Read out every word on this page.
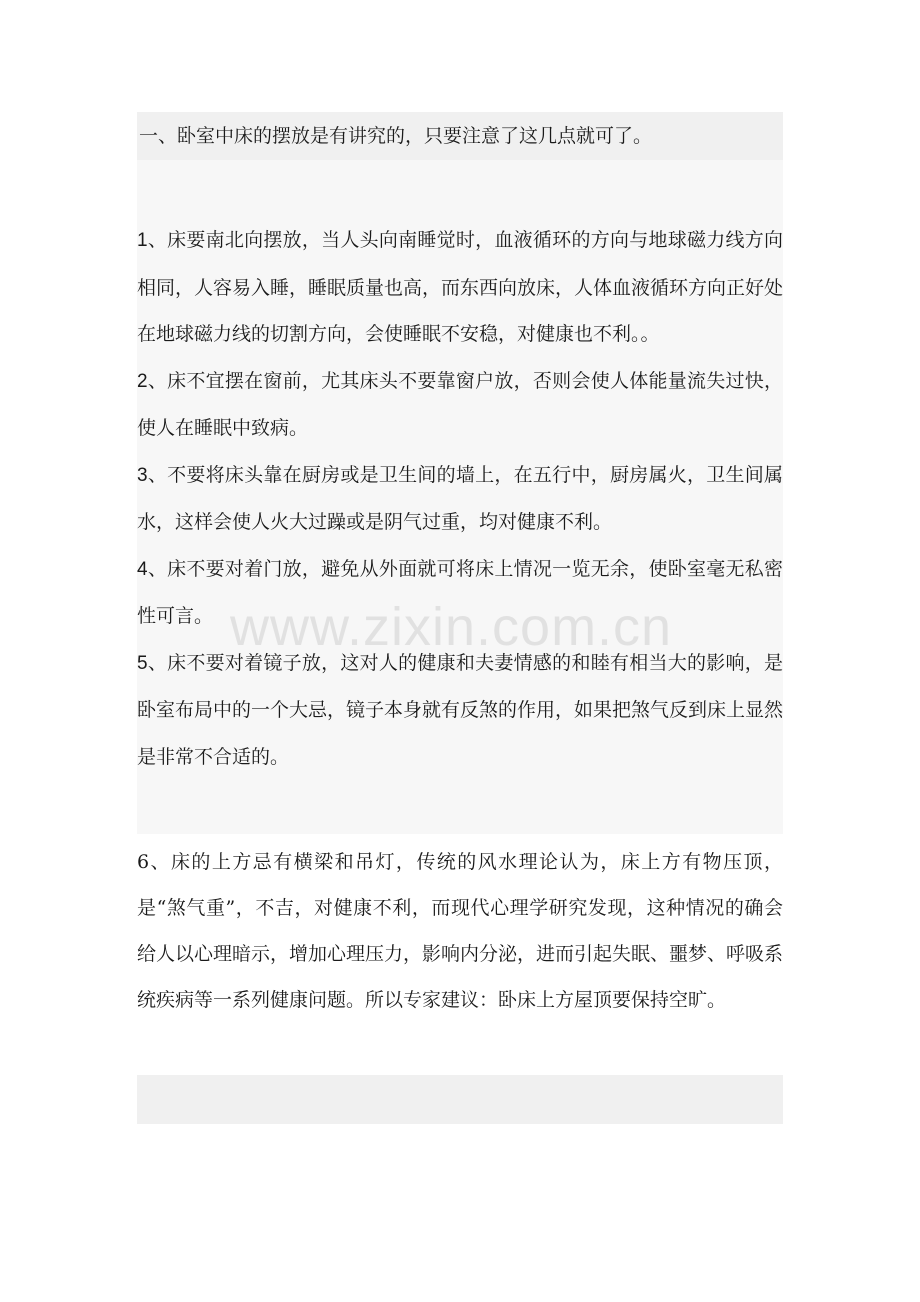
一、卧室中床的摆放是有讲究的，只要注意了这几点就可了。

1、床要南北向摆放，当人头向南睡觉时，血液循环的方向与地球磁力线方向相同，人容易入睡，睡眠质量也高，而东西向放床，人体血液循环方向正好处在地球磁力线的切割方向，会使睡眠不安稳，对健康也不利。。

2、床不宜摆在窗前，尤其床头不要靠窗户放，否则会使人体能量流失过快，使人在睡眠中致病。

3、不要将床头靠在厨房或是卫生间的墙上，在五行中，厨房属火，卫生间属水，这样会使人火大过躁或是阴气过重，均对健康不利。

4、床不要对着门放，避免从外面就可将床上情况一览无余，使卧室毫无私密性可言。

5、床不要对着镜子放，这对人的健康和夫妻情感的和睦有相当大的影响，是卧室布局中的一个大忌，镜子本身就有反煞的作用，如果把煞气反到床上显然是非常不合适的。

6、床的上方忌有横梁和吊灯，传统的风水理论认为，床上方有物压顶，是“煞气重”，不吉，对健康不利，而现代心理学研究发现，这种情况的确会给人以心理暗示，增加心理压力，影响内分泌，进而引起失眠、噩梦、呼吸系统疾病等一系列健康问题。所以专家建议：卧床上方屋顶要保持空旷。

www.zixin.com.cn
